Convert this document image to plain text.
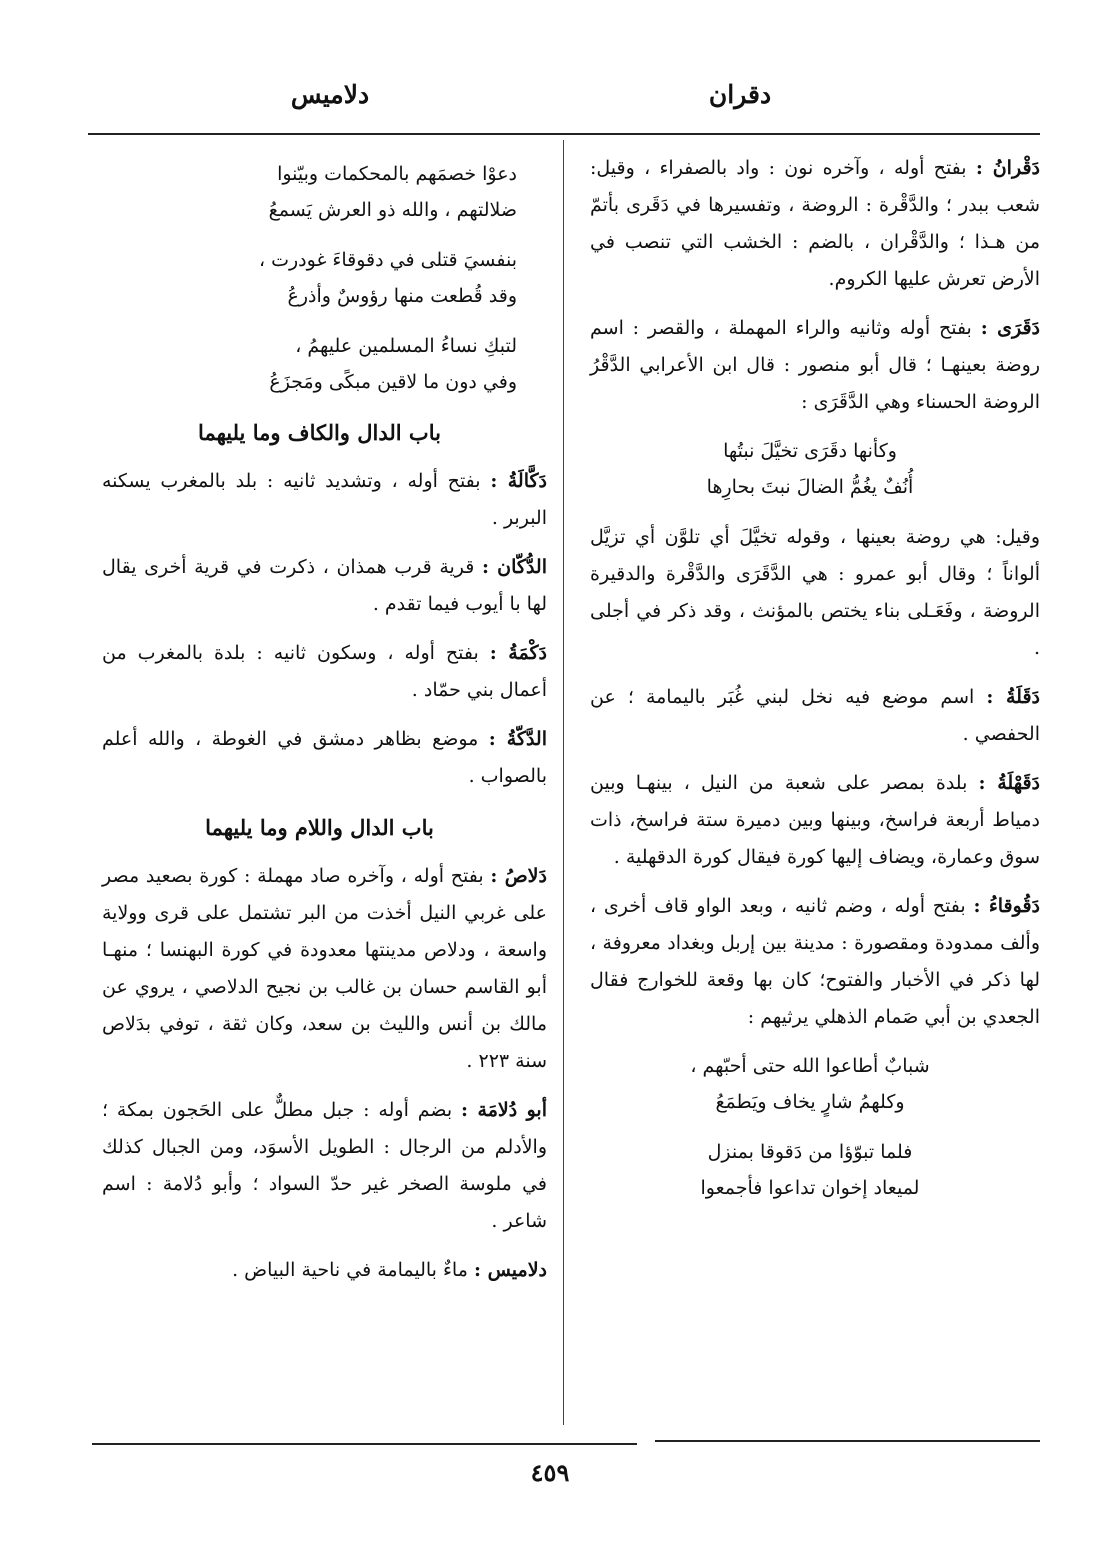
دقران
دلاميس
دَقْرانُ : بفتح أوله ، وآخره نون : واد بالصفراء ، وقيل: شعب ببدر ؛ والدَّقْرة : الروضة ، وتفسيرها في دَقَرى بأتمّ من هـذا ؛ والدَّقْران ، بالضم : الخشب التي تنصب في الأرض تعرش عليها الكروم.
دَقَرَى : بفتح أوله وثانيه والراء المهملة ، والقصر : اسم روضة بعينهـا ؛ قال أبو منصور : قال ابن الأعرابي الدَّقْرُ الروضة الحسناء وهي الدَّقَرَى :
وكأنها دقَرَى تخيَّلَ نبتُها
أُنُفٌ يغُمُّ الضالَ نبتَ بحارِها
وقيل: هي روضة بعينها ، وقوله تخيَّلَ أي تلوَّن أي تزيَّل ألواناً ؛ وقال أبو عمرو : هي الدَّقَرَى والدَّقْرة والدقيرة الروضة ، وفَعَـلى بناء يختص بالمؤنث ، وقد ذكر في أجلى .
دَقَلَةُ : اسم موضع فيه نخل لبني غُبَر باليمامة ؛ عن الحفصي .
دَقَهْلَةُ : بلدة بمصر على شعبة من النيل ، بينهـا وبين دمياط أربعة فراسخ، وبينها وبين دميرة ستة فراسخ، ذات سوق وعمارة، ويضاف إليها كورة فيقال كورة الدقهلية .
دَقُوقاءُ : بفتح أوله ، وضم ثانيه ، وبعد الواو قاف أخرى ، وألف ممدودة ومقصورة : مدينة بين إربل وبغداد معروفة ، لها ذكر في الأخبار والفتوح؛ كان بها وقعة للخوارج فقال الجعدي بن أبي صَمام الذهلي يرثيهم :
شبابٌ أطاعوا الله حتى أحبّهم ،
وكلهمُ شارٍ يخاف ويَطمَعُ
فلما تبوّؤا من دَقوقا بمنزل
لميعاد إخوان تداعوا فأجمعوا
دعوْا خصمَهم بالمحكمات وبيّنوا
ضلالتهم ، والله ذو العرش يَسمعُ
بنفسيَ قتلى في دقوقاءَ غودرت ،
وقد قُطعت منها رؤوسٌ وأذرعُ
لتبكِ نساءُ المسلمين عليهمُ ،
وفي دون ما لاقين مبكًى ومَجزَعُ
باب الدال والكاف وما يليهما
دَكَّالَةُ : بفتح أوله ، وتشديد ثانيه : بلد بالمغرب يسكنه البربر .
الدُّكّان : قرية قرب همذان ، ذكرت في قرية أخرى يقال لها با أيوب فيما تقدم .
دَكْمَةُ : بفتح أوله ، وسكون ثانيه : بلدة بالمغرب من أعمال بني حمّاد .
الدَّكّةُ : موضع بظاهر دمشق في الغوطة ، والله أعلم بالصواب .
باب الدال واللام وما يليهما
دَلاصُ : بفتح أوله ، وآخره صاد مهملة : كورة بصعيد مصر على غربي النيل أخذت من البر تشتمل على قرى وولاية واسعة ، ودلاص مدينتها معدودة في كورة البهنسا ؛ منهـا أبو القاسم حسان بن غالب بن نجيح الدلاصي ، يروي عن مالك بن أنس والليث بن سعد، وكان ثقة ، توفي بدَلاص سنة ٢٢٣ .
أبو دُلامَة : بضم أوله : جبل مطلٌّ على الحَجون بمكة ؛ والأدلم من الرجال : الطويل الأسوَد، ومن الجبال كذلك في ملوسة الصخر غير حدّ السواد ؛ وأبو دُلامة : اسم شاعر .
دلاميس : ماءٌ باليمامة في ناحية البياض .
٤٥٩
